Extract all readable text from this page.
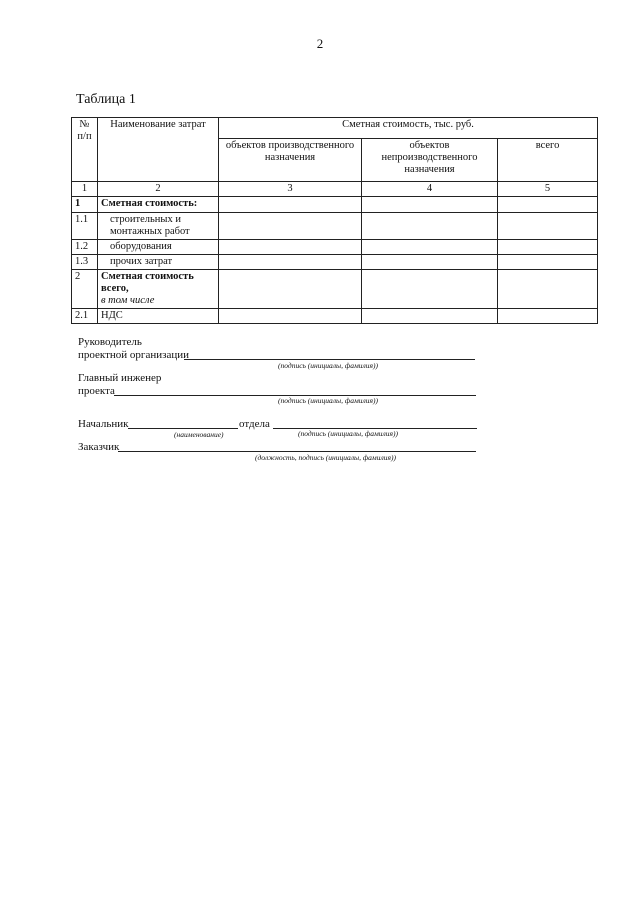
2
Таблица 1
№ п/п	Наименование затрат	Сметная стоимость, тыс. руб.		
		объектов производственного назначения	объектов непроизводственного назначения	всего
1	2	3	4	5
1	Сметная стоимость:			
1.1	строительных и монтажных работ			
1.2	оборудования			
1.3	прочих затрат			
2	Сметная стоимость всего,
в том числе			

2.1	НДС			
Руководитель
проектной организации
(подпись (инициалы, фамилия))
Главный инженер
проекта
(подпись (инициалы, фамилия))
Начальник	отдела
(наименование)	(подпись (инициалы, фамилия))
Заказчик
(должность, подпись (инициалы, фамилия))
